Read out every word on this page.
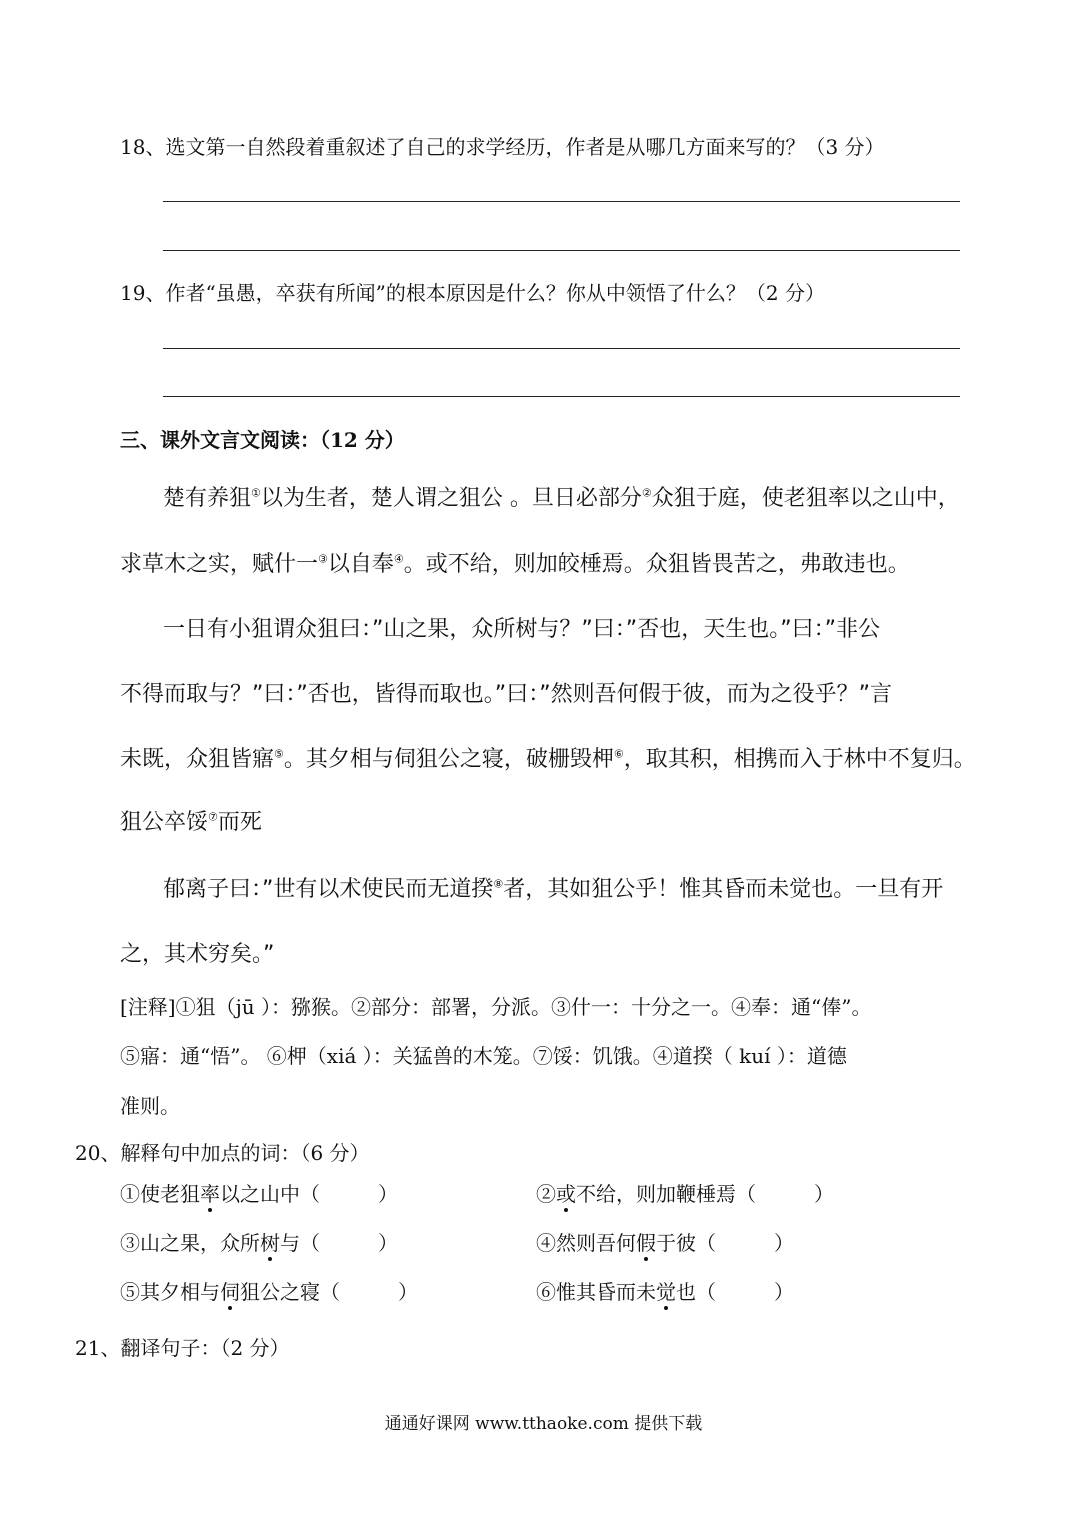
18、选文第一自然段着重叙述了自己的求学经历，作者是从哪几方面来写的？（3 分）
19、作者“虽愚，卒获有所闻”的根本原因是什么？你从中领悟了什么？（2 分）
三、课外文言文阅读：（12 分）
楚有养狙①以为生者，楚人谓之狙公 。旦日必部分②众狙于庭，使老狙率以之山中，
求草木之实，赋什一③以自奉④。或不给，则加皎棰焉。众狙皆畏苦之，弗敢违也。
一日有小狙谓众狙曰：”山之果，众所树与？”曰：”否也，天生也。”曰：”非公
不得而取与？”曰：”否也，皆得而取也。”曰：”然则吾何假于彼，而为之役乎？”言
未既，众狙皆寤⑤。其夕相与伺狙公之寝，破栅毁柙⑥，取其积，相携而入于林中不复归。
狙公卒馁⑦而死
郁离子曰：”世有以术使民而无道揆⑧者，其如狙公乎！惟其昏而未觉也。一旦有开
之，其术穷矣。”
[注释]①狙（jū ）：猕猴。②部分：部署，分派。③什一：十分之一。④奉：通“俸”。
⑤寤：通“悟”。 ⑥柙（xiá ）：关猛兽的木笼。⑦馁：饥饿。④道揆（ kuí ）：道德
准则。
20、解释句中加点的词：（6 分）
①使老狙率以之山中（	）	②或不给，则加鞭棰焉（	）
③山之果，众所树与（	）	④然则吾何假于彼（	）
⑤其夕相与伺狙公之寝（	）	⑥惟其昏而未觉也（	）
21、翻译句子：（2 分）
通通好课网 www.tthaoke.com 提供下载
